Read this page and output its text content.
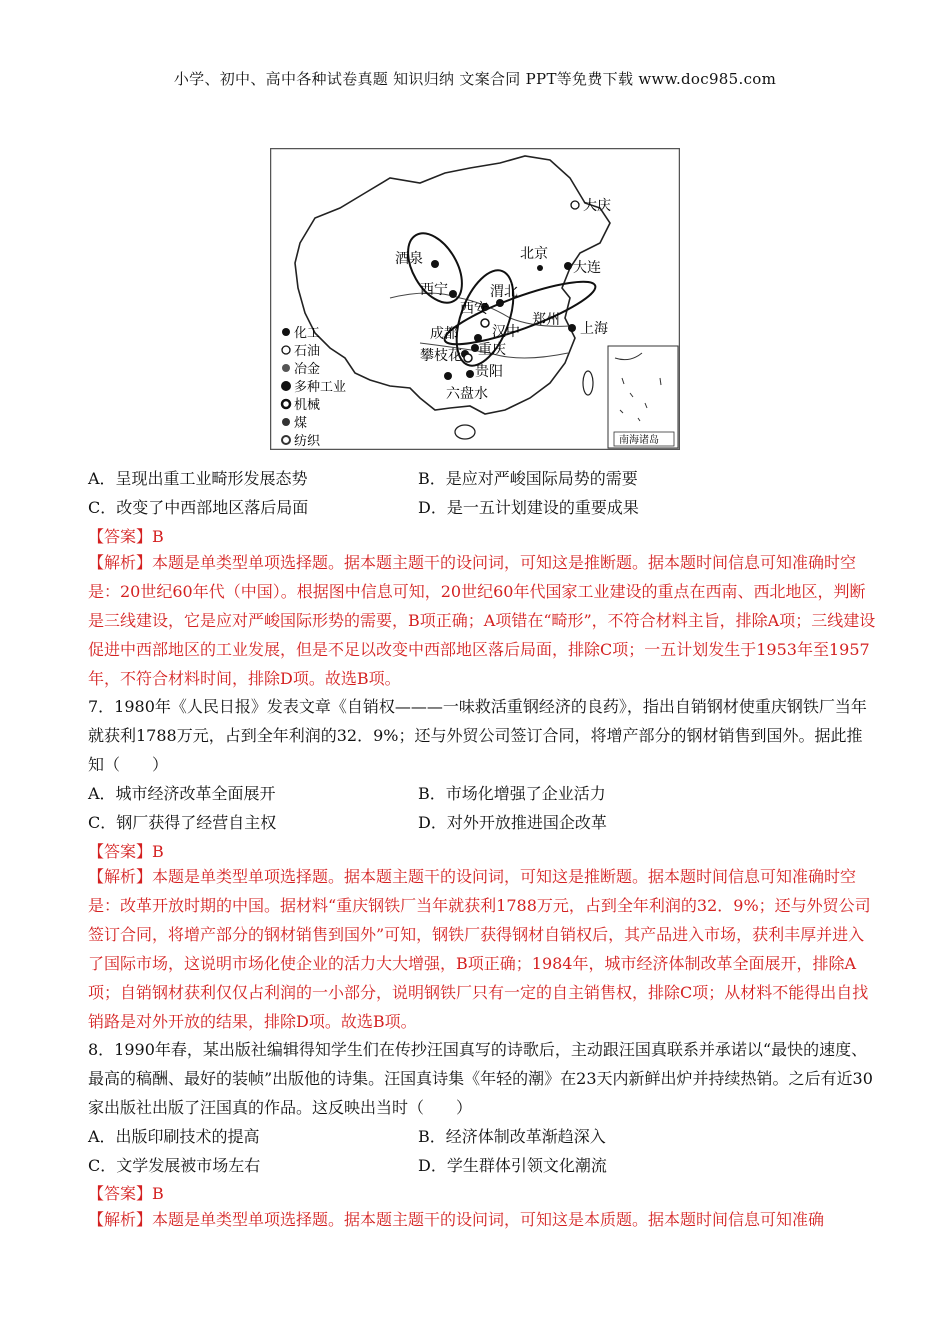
小学、初中、高中各种试卷真题 知识归纳 文案合同 PPT等免费下载 www.doc985.com
大庆
北京
大连
酒泉
西宁
西安
渭北
郑州
汉中	上海
成都
攀枝花 重庆
贵阳
六盘水
化工
石油
冶金
多种工业
机械
煤
纺织	南海诸岛
A．呈现出重工业畸形发展态势	B．是应对严峻国际局势的需要
C．改变了中西部地区落后局面	D．是一五计划建设的重要成果
【答案】B
【解析】本题是单类型单项选择题。据本题主题干的设问词，可知这是推断题。据本题时间信息可知准确时空是：20世纪60年代（中国）。根据图中信息可知，20世纪60年代国家工业建设的重点在西南、西北地区，判断是三线建设，它是应对严峻国际形势的需要，B项正确；A项错在“畸形”，不符合材料主旨，排除A项；三线建设促进中西部地区的工业发展，但是不足以改变中西部地区落后局面，排除C项；一五计划发生于1953年至1957年，不符合材料时间，排除D项。故选B项。
7．1980年《人民日报》发表文章《自销权———一味救活重钢经济的良药》，指出自销钢材使重庆钢铁厂当年就获利1788万元，占到全年利润的32．9%；还与外贸公司签订合同，将增产部分的钢材销售到国外。据此推知（　　）
A．城市经济改革全面展开	B．市场化增强了企业活力
C．钢厂获得了经营自主权	D．对外开放推进国企改革
【答案】B
【解析】本题是单类型单项选择题。据本题主题干的设问词，可知这是推断题。据本题时间信息可知准确时空是：改革开放时期的中国。据材料“重庆钢铁厂当年就获利1788万元，占到全年利润的32．9%；还与外贸公司签订合同，将增产部分的钢材销售到国外”可知，钢铁厂获得钢材自销权后，其产品进入市场，获利丰厚并进入了国际市场，这说明市场化使企业的活力大大增强，B项正确；1984年，城市经济体制改革全面展开，排除A项；自销钢材获利仅仅占利润的一小部分，说明钢铁厂只有一定的自主销售权，排除C项；从材料不能得出自找销路是对外开放的结果，排除D项。故选B项。
8．1990年春，某出版社编辑得知学生们在传抄汪国真写的诗歌后，主动跟汪国真联系并承诺以“最快的速度、最高的稿酬、最好的装帧”出版他的诗集。汪国真诗集《年轻的潮》在23天内新鲜出炉并持续热销。之后有近30家出版社出版了汪国真的作品。这反映出当时（　　）
A．出版印刷技术的提高	B．经济体制改革渐趋深入
C．文学发展被市场左右	D．学生群体引领文化潮流
【答案】B
【解析】本题是单类型单项选择题。据本题主题干的设问词，可知这是本质题。据本题时间信息可知准确
